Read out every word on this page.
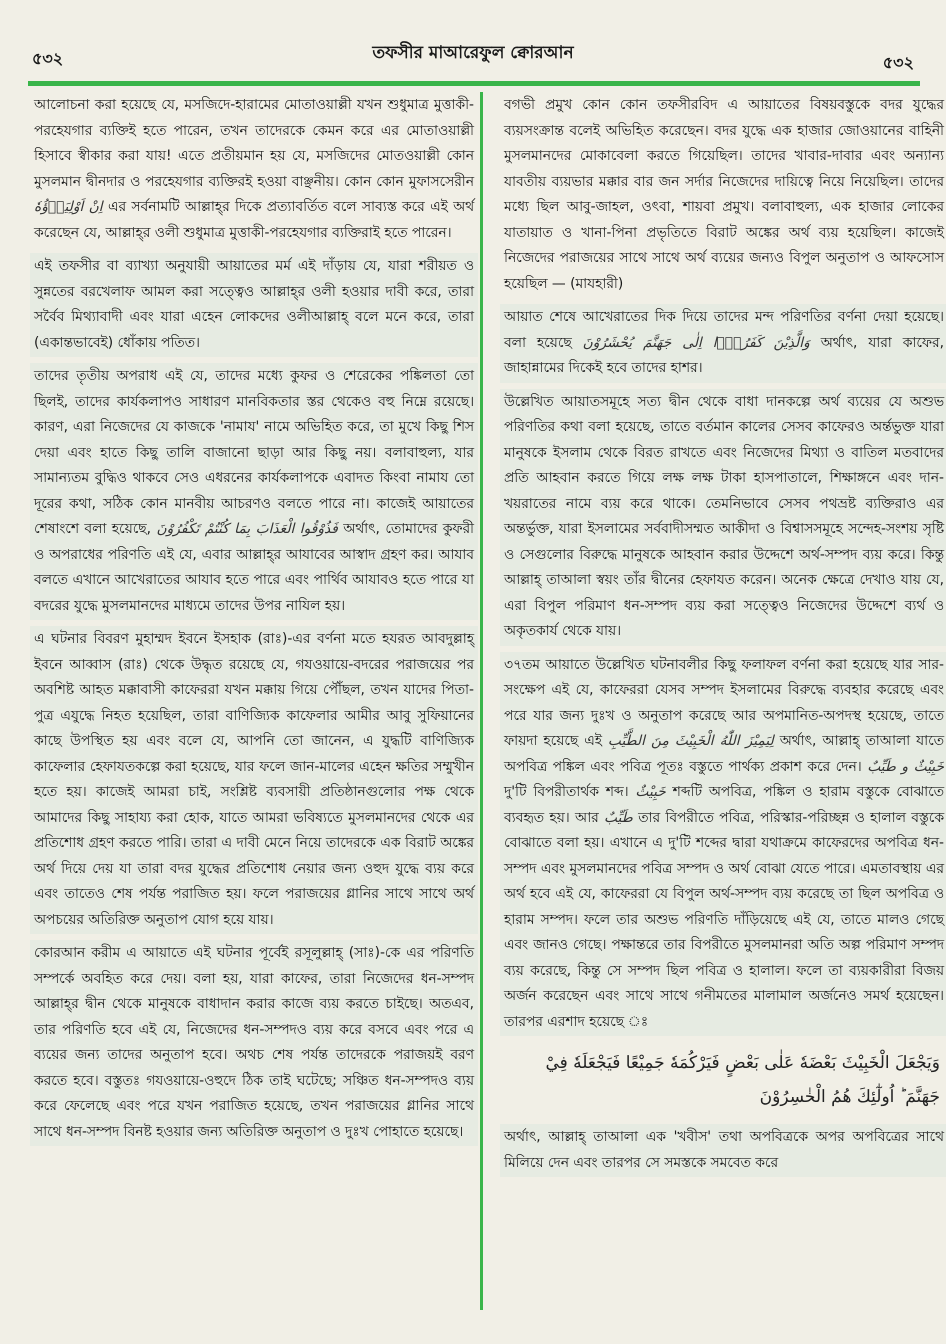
৫৩২	তফসীর মাআরেফুল ক্বোরআন	৫৩২

আলোচনা করা হয়েছে যে, মসজিদে-হারামের মোতাওয়াল্লী যখন শুধুমাত্র মুত্তাকী-পরহেযগার ব্যক্তিই হতে পারেন, তখন তাদেরকে কেমন করে এর মোতাওয়াল্লী হিসাবে স্বীকার করা যায়! এতে প্রতীয়মান হয় যে, মসজিদের মোতওয়াল্লী কোন মুসলমান দ্বীনদার ও পরহেযগার ব্যক্তিরই হওয়া বাঞ্ছনীয়। কোন কোন মুফাসসেরীন اِنْ اَوْلِيَاۤؤُهٗ এর সর্বনামটি আল্লাহ্‌র দিকে প্রত্যাবর্তিত বলে সাব্যস্ত করে এই অর্থ করেছেন যে, আল্লাহ্‌র ওলী শুধুমাত্র মুত্তাকী-পরহেযগার ব্যক্তিরাই হতে পারেন।

এই তফসীর বা ব্যাখ্যা অনুযায়ী আয়াতের মর্ম এই দাঁড়ায় যে, যারা শরীয়ত ও সুন্নতের বরখেলাফ আমল করা সত্ত্বেও আল্লাহ্‌র ওলী হওয়ার দাবী করে, তারা সর্বৈব মিথ্যাবাদী এবং যারা এহেন লোকদের ওলীআল্লাহ্‌ বলে মনে করে, তারা (একান্তভাবেই) ধোঁকায় পতিত।

তাদের তৃতীয় অপরাধ এই যে, তাদের মধ্যে কুফর ও শেরেকের পঙ্কিলতা তো ছিলই, তাদের কার্যকলাপও সাধারণ মানবিকতার স্তর থেকেও বহু নিম্নে রয়েছে। কারণ, এরা নিজেদের যে কাজকে 'নামায' নামে অভিহিত করে, তা মুখে কিছু শিস দেয়া এবং হাতে কিছু তালি বাজানো ছাড়া আর কিছু নয়। বলাবাহুল্য, যার সামান্যতম বুদ্ধিও থাকবে সেও এধরনের কার্যকলাপকে এবাদত কিংবা নামায তো দূরের কথা, সঠিক কোন মানবীয় আচরণও বলতে পারে না। কাজেই আয়াতের শেষাংশে বলা হয়েছে, فَذُوْقُوا الْعَذَابَ بِمَا كُنْتُمْ تَكْفُرُوْنَ অর্থাৎ, তোমাদের কুফরী ও অপরাধের পরিণতি এই যে, এবার আল্লাহ্‌র আযাবের আস্বাদ গ্রহণ কর। আযাব বলতে এখানে আখেরাতের আযাব হতে পারে এবং পার্থিব আযাবও হতে পারে যা বদরের যুদ্ধে মুসলমানদের মাধ্যমে তাদের উপর নাযিল হয়।

এ ঘটনার বিবরণ মুহাম্মদ ইবনে ইসহাক (রাঃ)-এর বর্ণনা মতে হযরত আবদুল্লাহ্‌ ইবনে আব্বাস (রাঃ) থেকে উদ্ধৃত রয়েছে যে, গযওয়ায়ে-বদরের পরাজয়ের পর অবশিষ্ট আহত মক্কাবাসী কাফেররা যখন মক্কায় গিয়ে পৌঁছল, তখন যাদের পিতা-পুত্র এযুদ্ধে নিহত হয়েছিল, তারা বাণিজ্যিক কাফেলার আমীর আবু সুফিয়ানের কাছে উপস্থিত হয় এবং বলে যে, আপনি তো জানেন, এ যুদ্ধটি বাণিজ্যিক কাফেলার হেফাযতকল্পে করা হয়েছে, যার ফলে জান-মালের এহেন ক্ষতির সম্মুখীন হতে হয়। কাজেই আমরা চাই, সংশ্লিষ্ট ব্যবসায়ী প্রতিষ্ঠানগুলোর পক্ষ থেকে আমাদের কিছু সাহায্য করা হোক, যাতে আমরা ভবিষ্যতে মুসলমানদের থেকে এর প্রতিশোধ গ্রহণ করতে পারি। তারা এ দাবী মেনে নিয়ে তাদেরকে এক বিরাট অঙ্কের অর্থ দিয়ে দেয় যা তারা বদর যুদ্ধের প্রতিশোধ নেয়ার জন্য ওহুদ যুদ্ধে ব্যয় করে এবং তাতেও শেষ পর্যন্ত পরাজিত হয়। ফলে পরাজয়ের গ্লানির সাথে সাথে অর্থ অপচয়ের অতিরিক্ত অনুতাপ যোগ হয়ে যায়।

কোরআন করীম এ আয়াতে এই ঘটনার পূর্বেই রসূলুল্লাহ্‌ (সাঃ)-কে এর পরিণতি সম্পর্কে অবহিত করে দেয়। বলা হয়, যারা কাফের, তারা নিজেদের ধন-সম্পদ আল্লাহ্‌র দ্বীন থেকে মানুষকে বাধাদান করার কাজে ব্যয় করতে চাইছে। অতএব, তার পরিণতি হবে এই যে, নিজেদের ধন-সম্পদও ব্যয় করে বসবে এবং পরে এ ব্যয়ের জন্য তাদের অনুতাপ হবে। অথচ শেষ পর্যন্ত তাদেরকে পরাজয়ই বরণ করতে হবে। বস্তুতঃ গযওয়ায়ে-ওহুদে ঠিক তাই ঘটেছে; সঞ্চিত ধন-সম্পদও ব্যয় করে ফেলেছে এবং পরে যখন পরাজিত হয়েছে, তখন পরাজয়ের গ্লানির সাথে সাথে ধন-সম্পদ বিনষ্ট হওয়ার জন্য অতিরিক্ত অনুতাপ ও দুঃখ পোহাতে হয়েছে।

বগভী প্রমুখ কোন কোন তফসীরবিদ এ আয়াতের বিষয়বস্তুকে বদর যুদ্ধের ব্যয়সংক্রান্ত বলেই অভিহিত করেছেন। বদর যুদ্ধে এক হাজার জোওয়ানের বাহিনী মুসলমানদের মোকাবেলা করতে গিয়েছিল। তাদের খাবার-দাবার এবং অন্যান্য যাবতীয় ব্যয়ভার মক্কার বার জন সর্দার নিজেদের দায়িত্বে নিয়ে নিয়েছিল। তাদের মধ্যে ছিল আবু-জাহল, ওৎবা, শায়বা প্রমুখ। বলাবাহুল্য, এক হাজার লোকের যাতায়াত ও খানা-পিনা প্রভৃতিতে বিরাট অঙ্কের অর্থ ব্যয় হয়েছিল। কাজেই নিজেদের পরাজয়ের সাথে সাথে অর্থ ব্যয়ের জন্যও বিপুল অনুতাপ ও আফসোস হয়েছিল — (মাযহারী)

আয়াত শেষে আখেরাতের দিক দিয়ে তাদের মন্দ পরিণতির বর্ণনা দেয়া হয়েছে। বলা হয়েছে وَالَّذِيْنَ كَفَرُوْۤا اِلٰى جَهَنَّمَ يُحْشَرُوْنَ অর্থাৎ, যারা কাফের, জাহান্নামের দিকেই হবে তাদের হাশর।

উল্লেখিত আয়াতসমূহে সত্য দ্বীন থেকে বাধা দানকল্পে অর্থ ব্যয়ের যে অশুভ পরিণতির কথা বলা হয়েছে, তাতে বর্তমান কালের সেসব কাফেরও অর্ন্তভুক্ত যারা মানুষকে ইসলাম থেকে বিরত রাখতে এবং নিজেদের মিথ্যা ও বাতিল মতবাদের প্রতি আহবান করতে গিয়ে লক্ষ লক্ষ টাকা হাসপাতালে, শিক্ষাঙ্গনে এবং দান-খয়রাতের নামে ব্যয় করে থাকে। তেমনিভাবে সেসব পথভ্রষ্ট ব্যক্তিরাও এর অন্তর্ভুক্ত, যারা ইসলামের সর্ববাদীসম্মত আকীদা ও বিশ্বাসসমূহে সন্দেহ-সংশয় সৃষ্টি ও সেগুলোর বিরুদ্ধে মানুষকে আহবান করার উদ্দেশে অর্থ-সম্পদ ব্যয় করে। কিন্তু আল্লাহ্‌ তাআলা স্বয়ং তাঁর দ্বীনের হেফাযত করেন। অনেক ক্ষেত্রে দেখাও যায় যে, এরা বিপুল পরিমাণ ধন-সম্পদ ব্যয় করা সত্ত্বেও নিজেদের উদ্দেশে ব্যর্থ ও অকৃতকার্য থেকে যায়।

৩৭তম আয়াতে উল্লেখিত ঘটনাবলীর কিছু ফলাফল বর্ণনা করা হয়েছে যার সার-সংক্ষেপ এই যে, কাফেররা যেসব সম্পদ ইসলামের বিরুদ্ধে ব্যবহার করেছে এবং পরে যার জন্য দুঃখ ও অনুতাপ করেছে আর অপমানিত-অপদস্থ হয়েছে, তাতে ফায়দা হয়েছে এই لِيَمِيْزَ اللّٰهُ الْخَبِيْثَ مِنَ الطَّيِّبِ অর্থাৎ, আল্লাহ্‌ তাআলা যাতে অপবিত্র পঙ্কিল এবং পবিত্র পূতঃ বস্তুতে পার্থক্য প্রকাশ করে দেন। خَبِيْثٌ و طَيِّبٌ দু'টি বিপরীতার্থক শব্দ। خَبِيْثٌ শব্দটি অপবিত্র, পঙ্কিল ও হারাম বস্তুকে বোঝাতে ব্যবহৃত হয়। আর طَيِّبٌ তার বিপরীতে পবিত্র, পরিস্কার-পরিচ্ছন্ন ও হালাল বস্তুকে বোঝাতে বলা হয়। এখানে এ দু'টি শব্দের দ্বারা যথাক্রমে কাফেরদের অপবিত্র ধন-সম্পদ এবং মুসলমানদের পবিত্র সম্পদ ও অর্থ বোঝা যেতে পারে। এমতাবস্থায় এর অর্থ হবে এই যে, কাফেররা যে বিপুল অর্থ-সম্পদ ব্যয় করেছে তা ছিল অপবিত্র ও হারাম সম্পদ। ফলে তার অশুভ পরিণতি দাঁড়িয়েছে এই যে, তাতে মালও গেছে এবং জানও গেছে। পক্ষান্তরে তার বিপরীতে মুসলমানরা অতি অল্প পরিমাণ সম্পদ ব্যয় করেছে, কিন্তু সে সম্পদ ছিল পবিত্র ও হালাল। ফলে তা ব্যয়কারীরা বিজয় অর্জন করেছেন এবং সাথে সাথে গনীমতের মালামাল অর্জনেও সমর্থ হয়েছেন। তারপর এরশাদ হয়েছে ঃ

وَيَجْعَلَ الْخَبِيْثَ بَعْضَهٗ عَلٰى بَعْضٍ فَيَرْكُمَهٗ جَمِيْعًا فَيَجْعَلَهٗ فِيْ جَهَنَّمَ ؕ اُولٰٓئِكَ هُمُ الْخٰسِرُوْنَ

অর্থাৎ, আল্লাহ্‌ তাআলা এক 'খবীস' তথা অপবিত্রকে অপর অপবিত্রের সাথে মিলিয়ে দেন এবং তারপর সে সমস্তকে সমবেত করে
